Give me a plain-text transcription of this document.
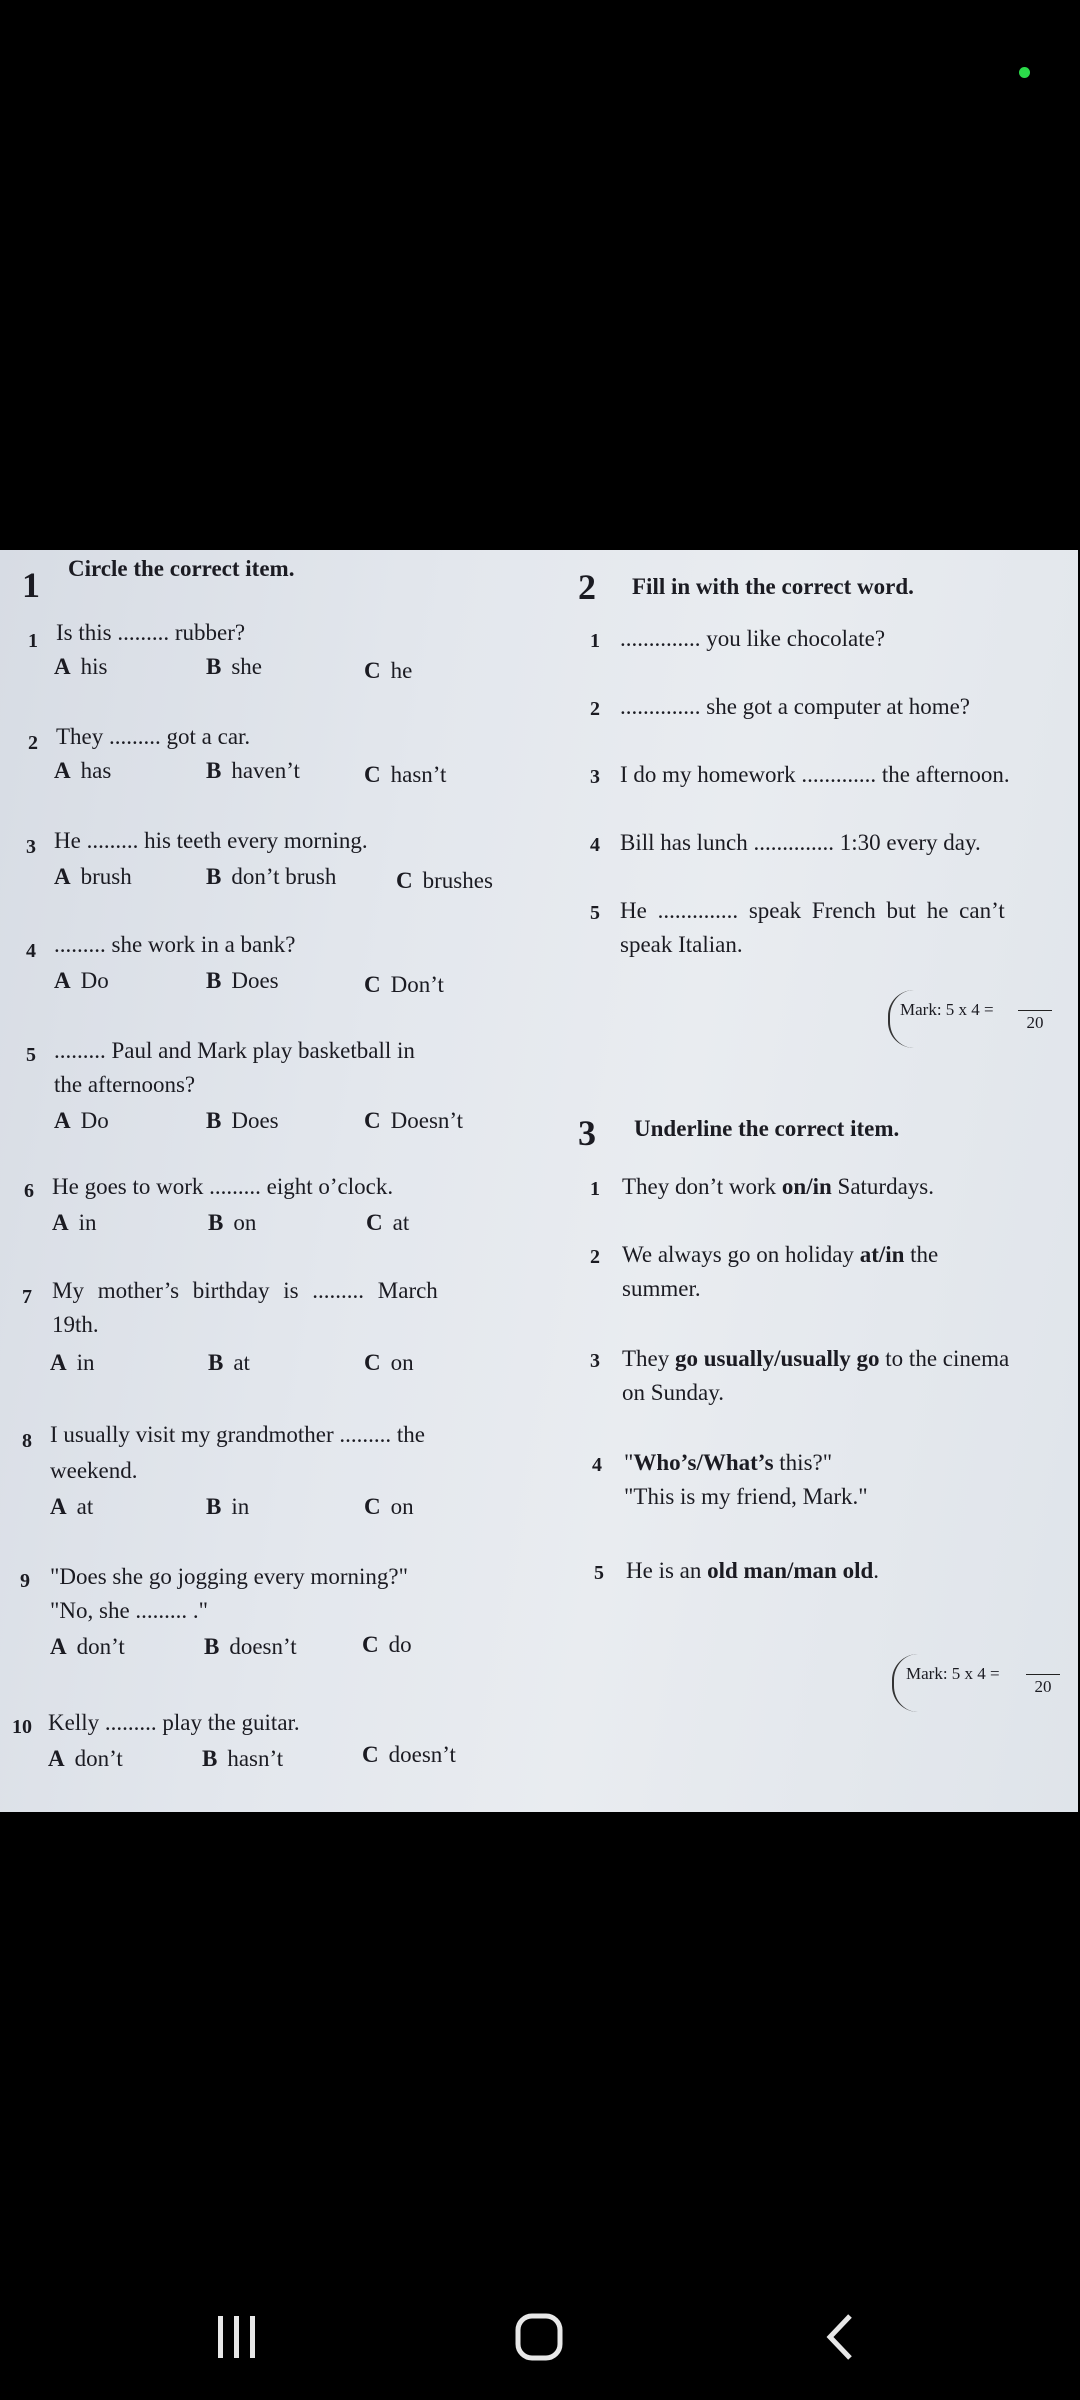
1 Circle the correct item.
1 Is this ......... rubber?
A his	B she	C he
2 They ......... got a car.
A has	B haven’t	C hasn’t
3 He ......... his teeth every morning.
A brush	B don’t brush	C brushes
4 ......... she work in a bank?
A Do	B Does	C Don’t
5 ......... Paul and Mark play basketball in
the afternoons?
A Do	B Does	C Doesn’t
6 He goes to work ......... eight o’clock.
A in	B on	C at
7 My mother’s birthday is ......... March
19th.
A in	B at	C on
8 I usually visit my grandmother ......... the
weekend.
A at	B in	C on
9 "Does she go jogging every morning?"
"No, she ......... ."
A don’t	B doesn’t	C do
10 Kelly ......... play the guitar.
A don’t	B hasn’t	C doesn’t
2 Fill in with the correct word.
1 .............. you like chocolate?
2 .............. she got a computer at home?
3 I do my homework ............. the afternoon.
4 Bill has lunch .............. 1:30 every day.
5 He .............. speak French but he can’t
speak Italian.
Mark: 5 x 4 =
20
3 Underline the correct item.
1 They don’t work on/in Saturdays.
2 We always go on holiday at/in the
summer.
3 They go usually/usually go to the cinema
on Sunday.
4 "Who’s/What’s this?"
"This is my friend, Mark."
5 He is an old man/man old.
Mark: 5 x 4 =
20
